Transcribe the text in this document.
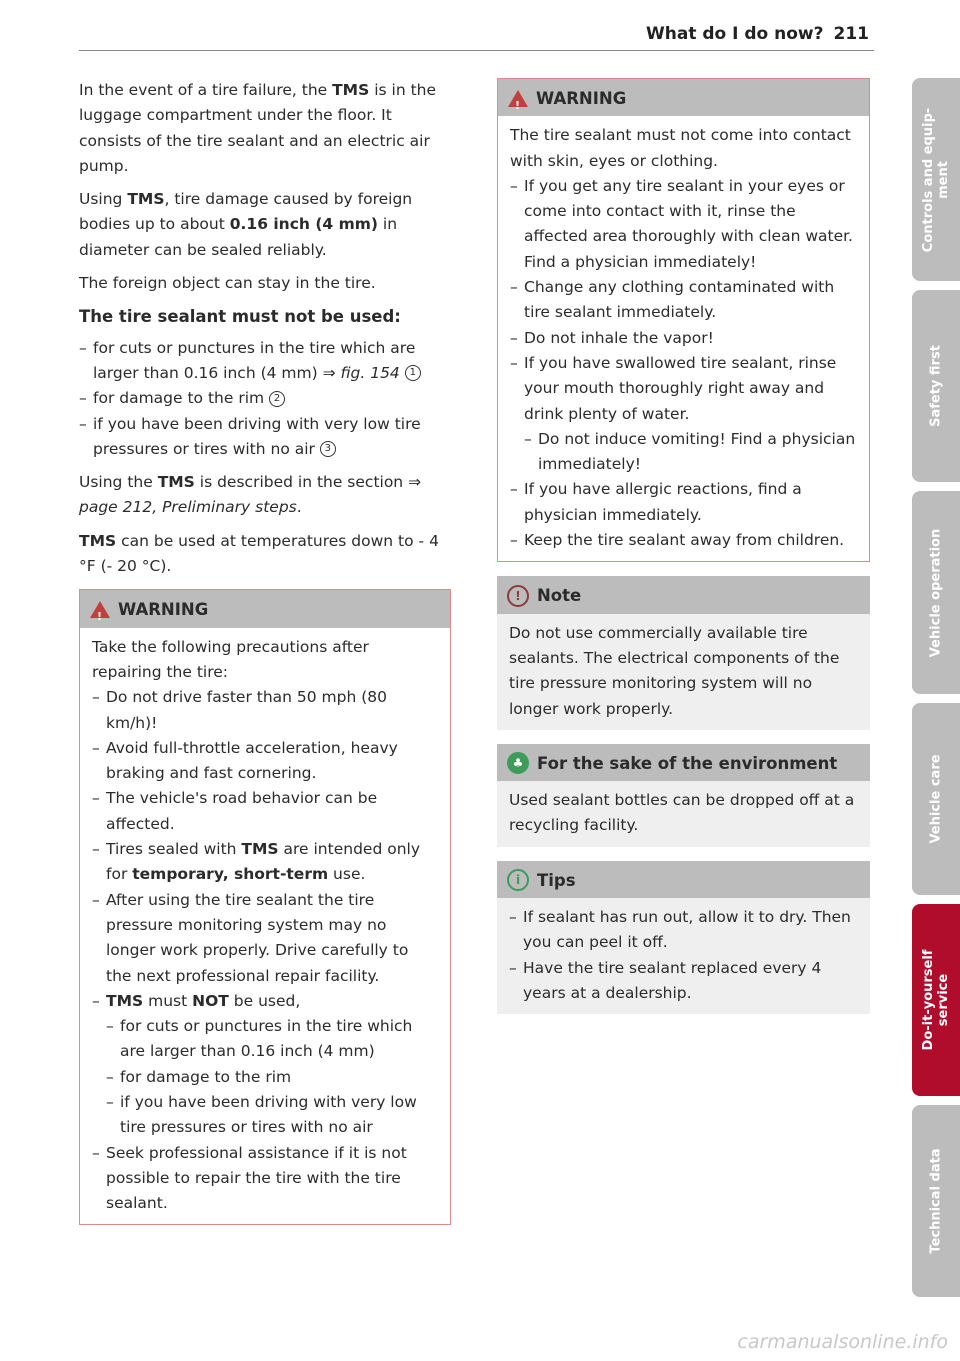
What do I do now? 211

In the event of a tire failure, the TMS is in the luggage compartment under the floor. It consists of the tire sealant and an electric air pump.

Using TMS, tire damage caused by foreign bodies up to about 0.16 inch (4 mm) in diameter can be sealed reliably.

The foreign object can stay in the tire.

The tire sealant must not be used:
– for cuts or punctures in the tire which are larger than 0.16 inch (4 mm) ⇒ fig. 154 1
– for damage to the rim 2
– if you have been driving with very low tire pressures or tires with no air 3

Using the TMS is described in the section ⇒ page 212, Preliminary steps.

TMS can be used at temperatures down to - 4 °F (- 20 °C).

! WARNING

Take the following precautions after repairing the tire:

– Do not drive faster than 50 mph (80 km/h)!
– Avoid full-throttle acceleration, heavy braking and fast cornering.
– The vehicle's road behavior can be affected.
– Tires sealed with TMS are intended only for temporary, short-term use.
– After using the tire sealant the tire pressure monitoring system may no longer work properly. Drive carefully to the next professional repair facility.
– TMS must NOT be used,
– for cuts or punctures in the tire which are larger than 0.16 inch (4 mm)
– for damage to the rim
– if you have been driving with very low tire pressures or tires with no air
– Seek professional assistance if it is not possible to repair the tire with the tire sealant.
! WARNING

The tire sealant must not come into contact with skin, eyes or clothing.

– If you get any tire sealant in your eyes or come into contact with it, rinse the affected area thoroughly with clean water. Find a physician immediately!
– Change any clothing contaminated with tire sealant immediately.
– Do not inhale the vapor!
– If you have swallowed tire sealant, rinse your mouth thoroughly right away and drink plenty of water.
– Do not induce vomiting! Find a physician immediately!
– If you have allergic reactions, find a physician immediately.
– Keep the tire sealant away from children.
! Note
Do not use commercially available tire sealants. The electrical components of the tire pressure monitoring system will no longer work properly.
♣ For the sake of the environment
Used sealant bottles can be dropped off at a recycling facility.
i	Tips
– If sealant has run out, allow it to dry. Then you can peel it off.
– Have the tire sealant replaced every 4 years at a dealership.
Controls and equip-
ment
Safety first
Vehicle operation
Vehicle care
Do-it-yourself
service
Technical data
carmanualsonline.info
